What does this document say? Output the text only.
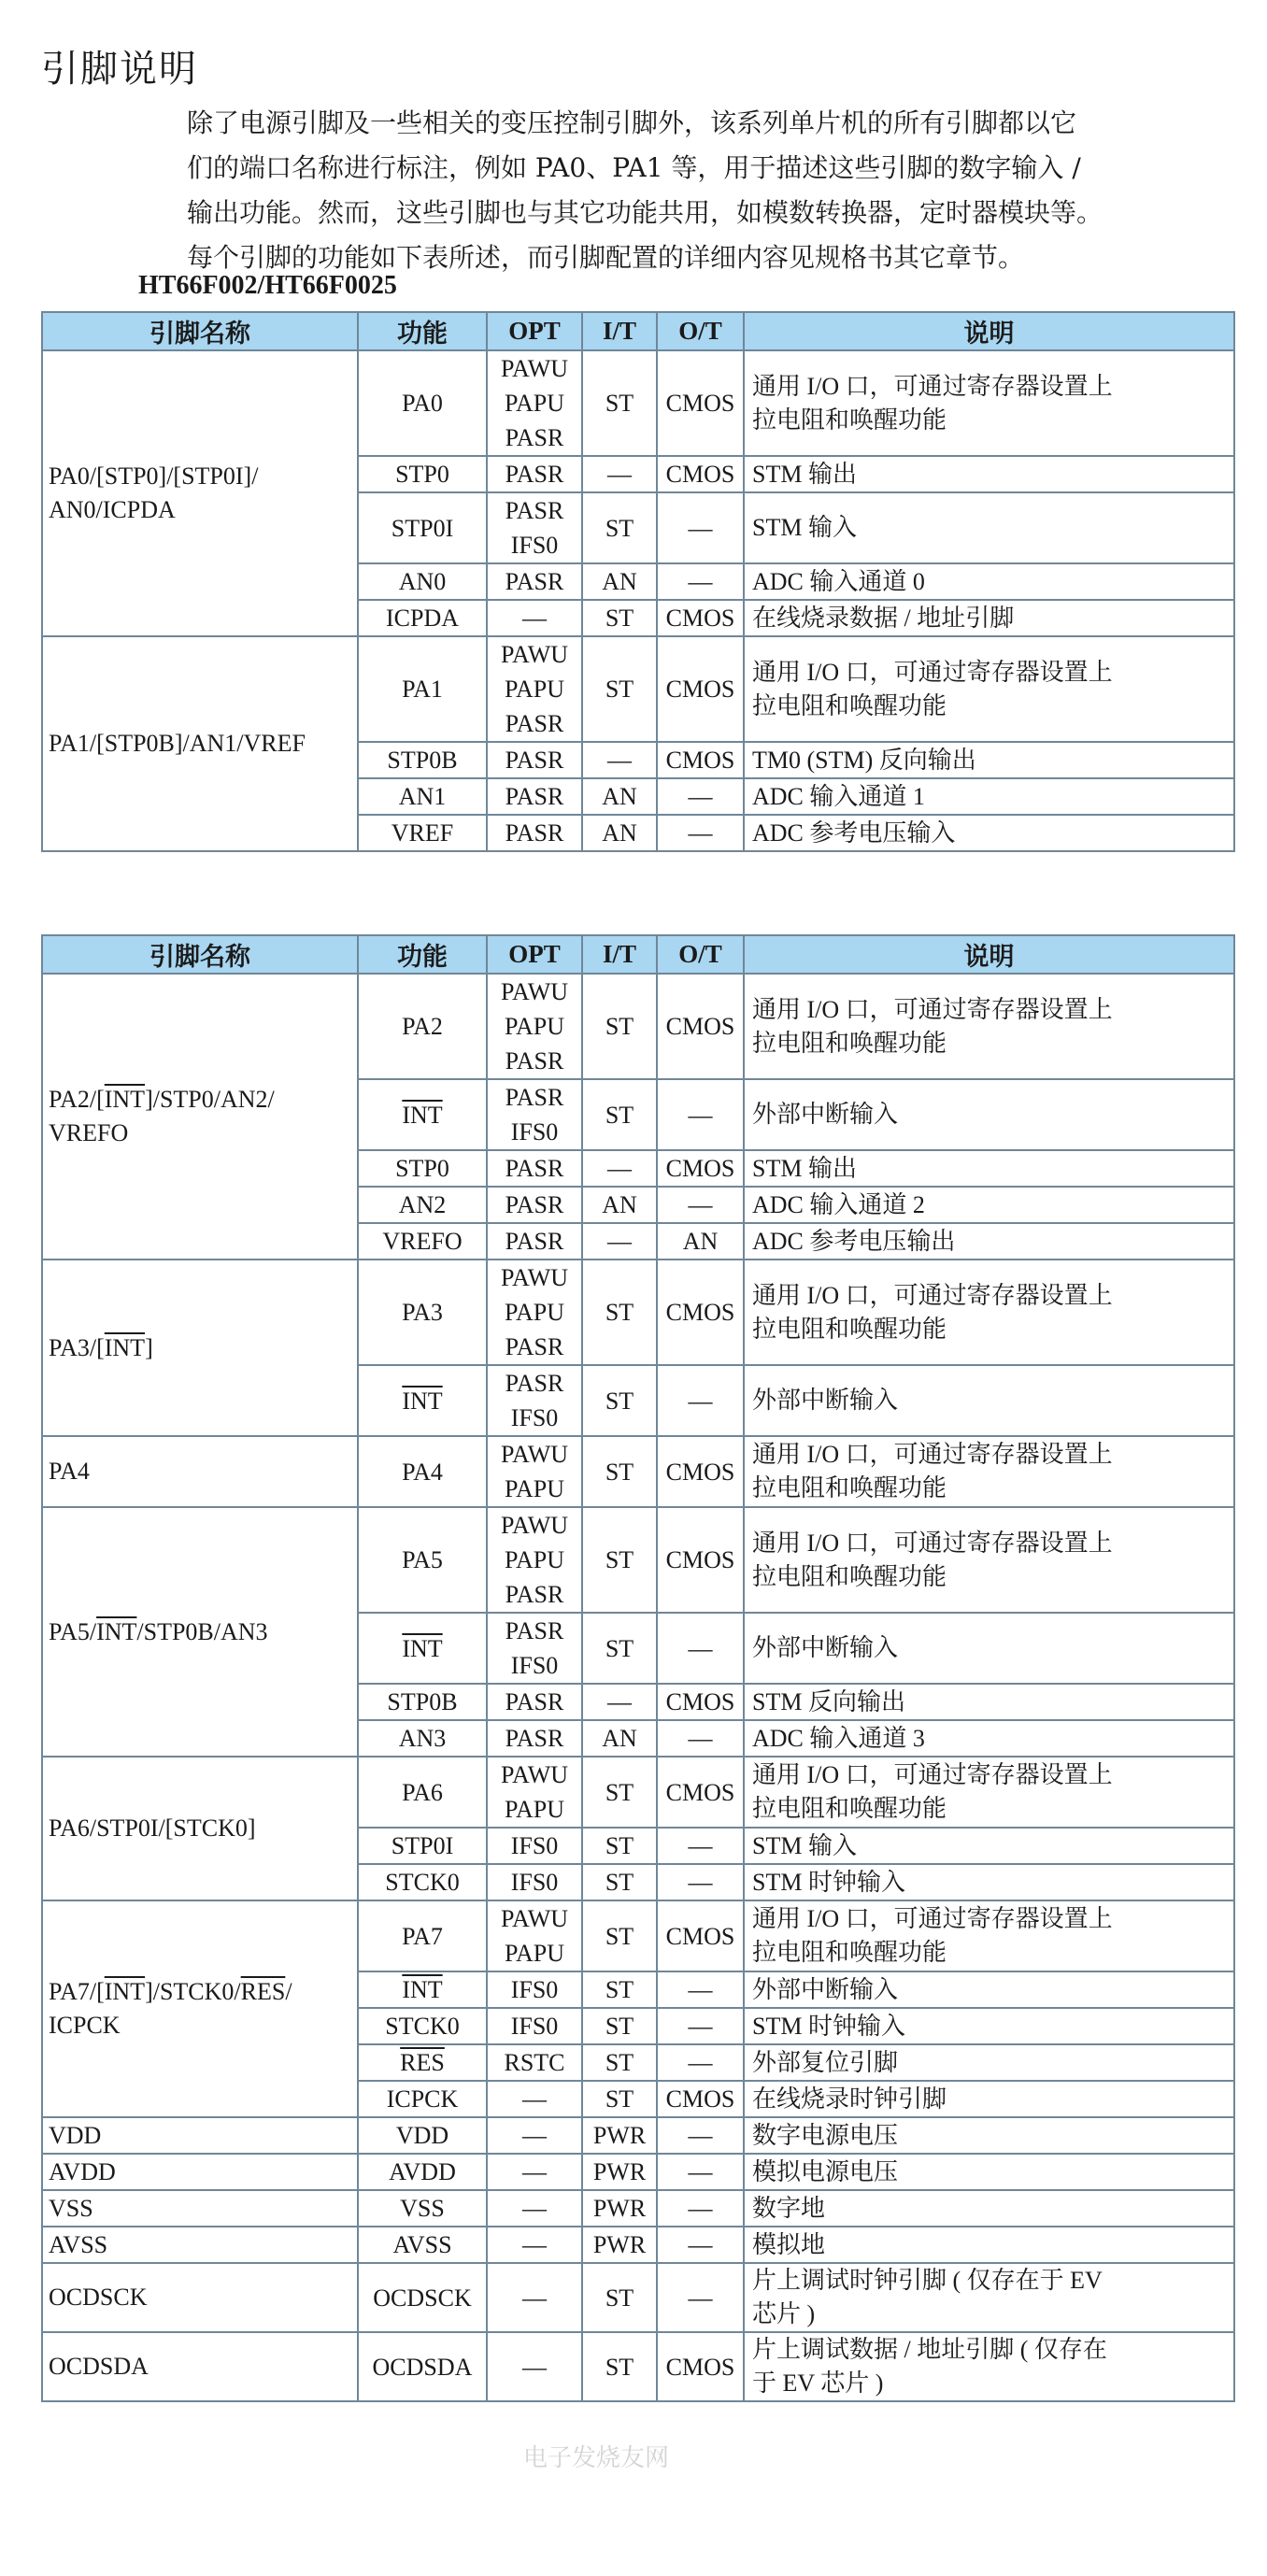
引脚说明

除了电源引脚及一些相关的变压控制引脚外，该系列单片机的所有引脚都以它

们的端口名称进行标注，例如 PA0、PA1 等，用于描述这些引脚的数字输入 /

输出功能。然而，这些引脚也与其它功能共用，如模数转换器，定时器模块等。

每个引脚的功能如下表所述，而引脚配置的详细内容见规格书其它章节。

HT66F002/HT66F0025
引脚名称	功能	OPT	I/T	O/T	说明
PA0/[STP0]/[STP0I]/
AN0/ICPDA	PA0	PAWU
PAPU
PASR	ST	CMOS	通用 I/O 口，可通过寄存器设置上
拉电阻和唤醒功能
	STP0	PASR	—	CMOS	STM 输出
	STP0I	PASR
IFS0	ST	—	STM 输入
	AN0	PASR	AN	—	ADC 输入通道 0
	ICPDA	—	ST	CMOS	在线烧录数据 / 地址引脚
PA1/[STP0B]/AN1/VREF	PA1	PAWU
PAPU
PASR	ST	CMOS	通用 I/O 口，可通过寄存器设置上
拉电阻和唤醒功能
	STP0B	PASR	—	CMOS	TM0 (STM) 反向输出
	AN1	PASR	AN	—	ADC 输入通道 1
	VREF	PASR	AN	—	ADC 参考电压输入
引脚名称	功能	OPT	I/T	O/T	说明
$PA2/[\overline{INT}]/STP0/AN2/$
VREFO	PA2	PAWU
PAPU
PASR	ST	CMOS	通用 I/O 口，可通过寄存器设置上
拉电阻和唤醒功能
	$\overline{INT}$	PASR
IFS0	ST	—	外部中断输入
	STP0	PASR	—	CMOS	STM 输出
	AN2	PASR	AN	—	ADC 输入通道 2
	VREFO	PASR	—	AN	ADC 参考电压输出
$PA3/[\overline{INT}]$	PA3	PAWU
PAPU
PASR	ST	CMOS	通用 I/O 口，可通过寄存器设置上
拉电阻和唤醒功能
	$\overline{INT}$	PASR
IFS0	ST	—	外部中断输入
PA4	PA4	PAWU
PAPU	ST	CMOS	通用 I/O 口，可通过寄存器设置上
拉电阻和唤醒功能
$PA5/\overline{INT}/STP0B/AN3$	PA5	PAWU
PAPU
PASR	ST	CMOS	通用 I/O 口，可通过寄存器设置上
拉电阻和唤醒功能
	$\overline{INT}$	PASR
IFS0	ST	—	外部中断输入
	STP0B	PASR	—	CMOS	STM 反向输出
	AN3	PASR	AN	—	ADC 输入通道 3
PA6/STP0I/[STCK0]	PA6	PAWU
PAPU	ST	CMOS	通用 I/O 口，可通过寄存器设置上
拉电阻和唤醒功能
	STP0I	IFS0	ST	—	STM 输入
	STCK0	IFS0	ST	—	STM 时钟输入
$PA7/[\overline{INT}]/STCK0/\overline{RES}/$
ICPCK	PA7	PAWU
PAPU	ST	CMOS	通用 I/O 口，可通过寄存器设置上
拉电阻和唤醒功能
	$\overline{INT}$	IFS0	ST	—	外部中断输入
	STCK0	IFS0	ST	—	STM 时钟输入
	$\overline{RES}$	RSTC	ST	—	外部复位引脚
	ICPCK	—	ST	CMOS	在线烧录时钟引脚
VDD	VDD	—	PWR	—	数字电源电压
AVDD	AVDD	—	PWR	—	模拟电源电压
VSS	VSS	—	PWR	—	数字地
AVSS	AVSS	—	PWR	—	模拟地
OCDSCK	OCDSCK	—	ST	—	片上调试时钟引脚 ( 仅存在于 EV
芯片 )
OCDSDA	OCDSDA	—	ST	CMOS	片上调试数据 / 地址引脚 ( 仅存在
于 EV 芯片 )
电子发烧友网
